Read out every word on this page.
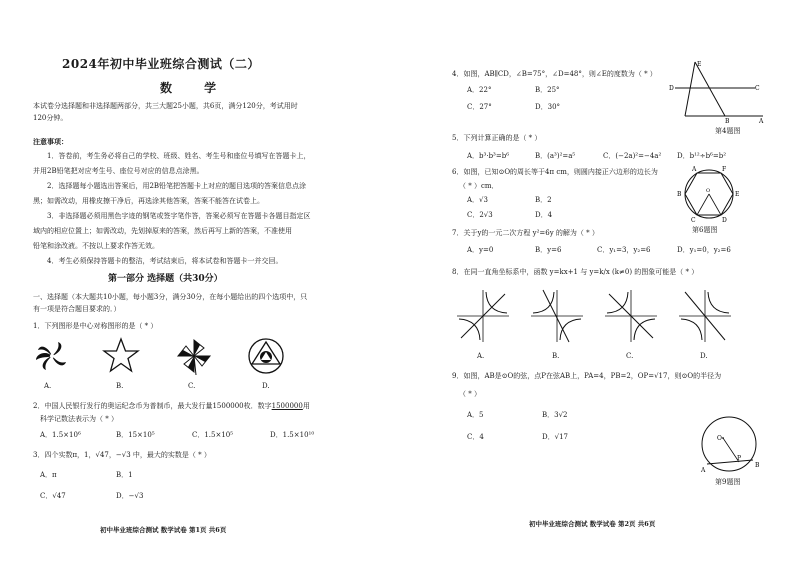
2024年初中毕业班综合测试（二）
数 学
本试卷分选择题和非选择题两部分，共三大题25小题，共6页，满分120分，考试用时
120分钟。
注意事项：
1．答卷前，考生务必将自己的学校、班级、姓名、考生号和座位号填写在答题卡上，
并用2B铅笔把对应考生号、座位号对应的信息点涂黑。
2．选择题每小题选出答案后，用2B铅笔把答题卡上对应的题目选项的答案信息点涂
黑；如需改动，用橡皮擦干净后，再选涂其他答案，答案不能答在试卷上。
3．非选择题必须用黑色字迹的钢笔或签字笔作答，答案必须写在答题卡各题目指定区
域内的相应位置上；如需改动，先划掉原来的答案，然后再写上新的答案，不准使用
铅笔和涂改液。不按以上要求作答无效。
4．考生必须保持答题卡的整洁，考试结束后，将本试卷和答题卡一并交回。
第一部分 选择题（共30分）
一、选择题（本大题共10小题，每小题3分，满分30分，在每小题给出的四个选项中，只
有一项是符合题目要求的．）
1．下列图形是中心对称图形的是（ * ）
A.	B.	C.	D.
2．中国人民银行发行的奥运纪念币为普制币，最大发行量1500000枚．数字1500000用
科学记数法表示为（ * ）
A．1.5×10⁶	B．15×10⁵	C．1.5×10⁵	D．1.5×10¹⁰
3．四个实数π，1，√47，−√3 中，最大的实数是（ * ）
A．π	B．1
C．√47	D．−√3
初中毕业班综合测试 数学试卷 第1页 共6页
4．如图，AB∥CD，∠B=75°，∠D=48°，则∠E的度数为（ * ）
A．22°	B．25°
C．27°	D．30°
E
D	C
B	A
第4题图
5．下列计算正确的是（ * ）
A．b³·b³=b⁶	B．(a³)²=a⁵	C．(−2a)²=−4a² D．b¹²÷b⁶=b²
6．如图，已知⊙O的周长等于4π cm，则圆内接正六边形的边长为
（ * ）cm．
A．√3	B．2
C．2√3	D．4
A	F
B	E
C	D
O
第6题图
7．关于y的一元二次方程 y²=6y 的解为（ * ）
A．y=0	B．y=6	C．y₁=3，y₂=6	D．y₁=0，y₂=6
8．在同一直角坐标系中，函数 y=kx+1 与 y=k/x (k≠0) 的图象可能是（ * ）
A.	B.	C.	D.
9．如图，AB是⊙O的弦，点P在弦AB上，PA=4，PB=2，OP=√17，则⊙O的半径为
（ * ）
A．5	B．3√2
C．4	D．√17	O
A
P
B
第9题图
初中毕业班综合测试 数学试卷 第2页 共6页
